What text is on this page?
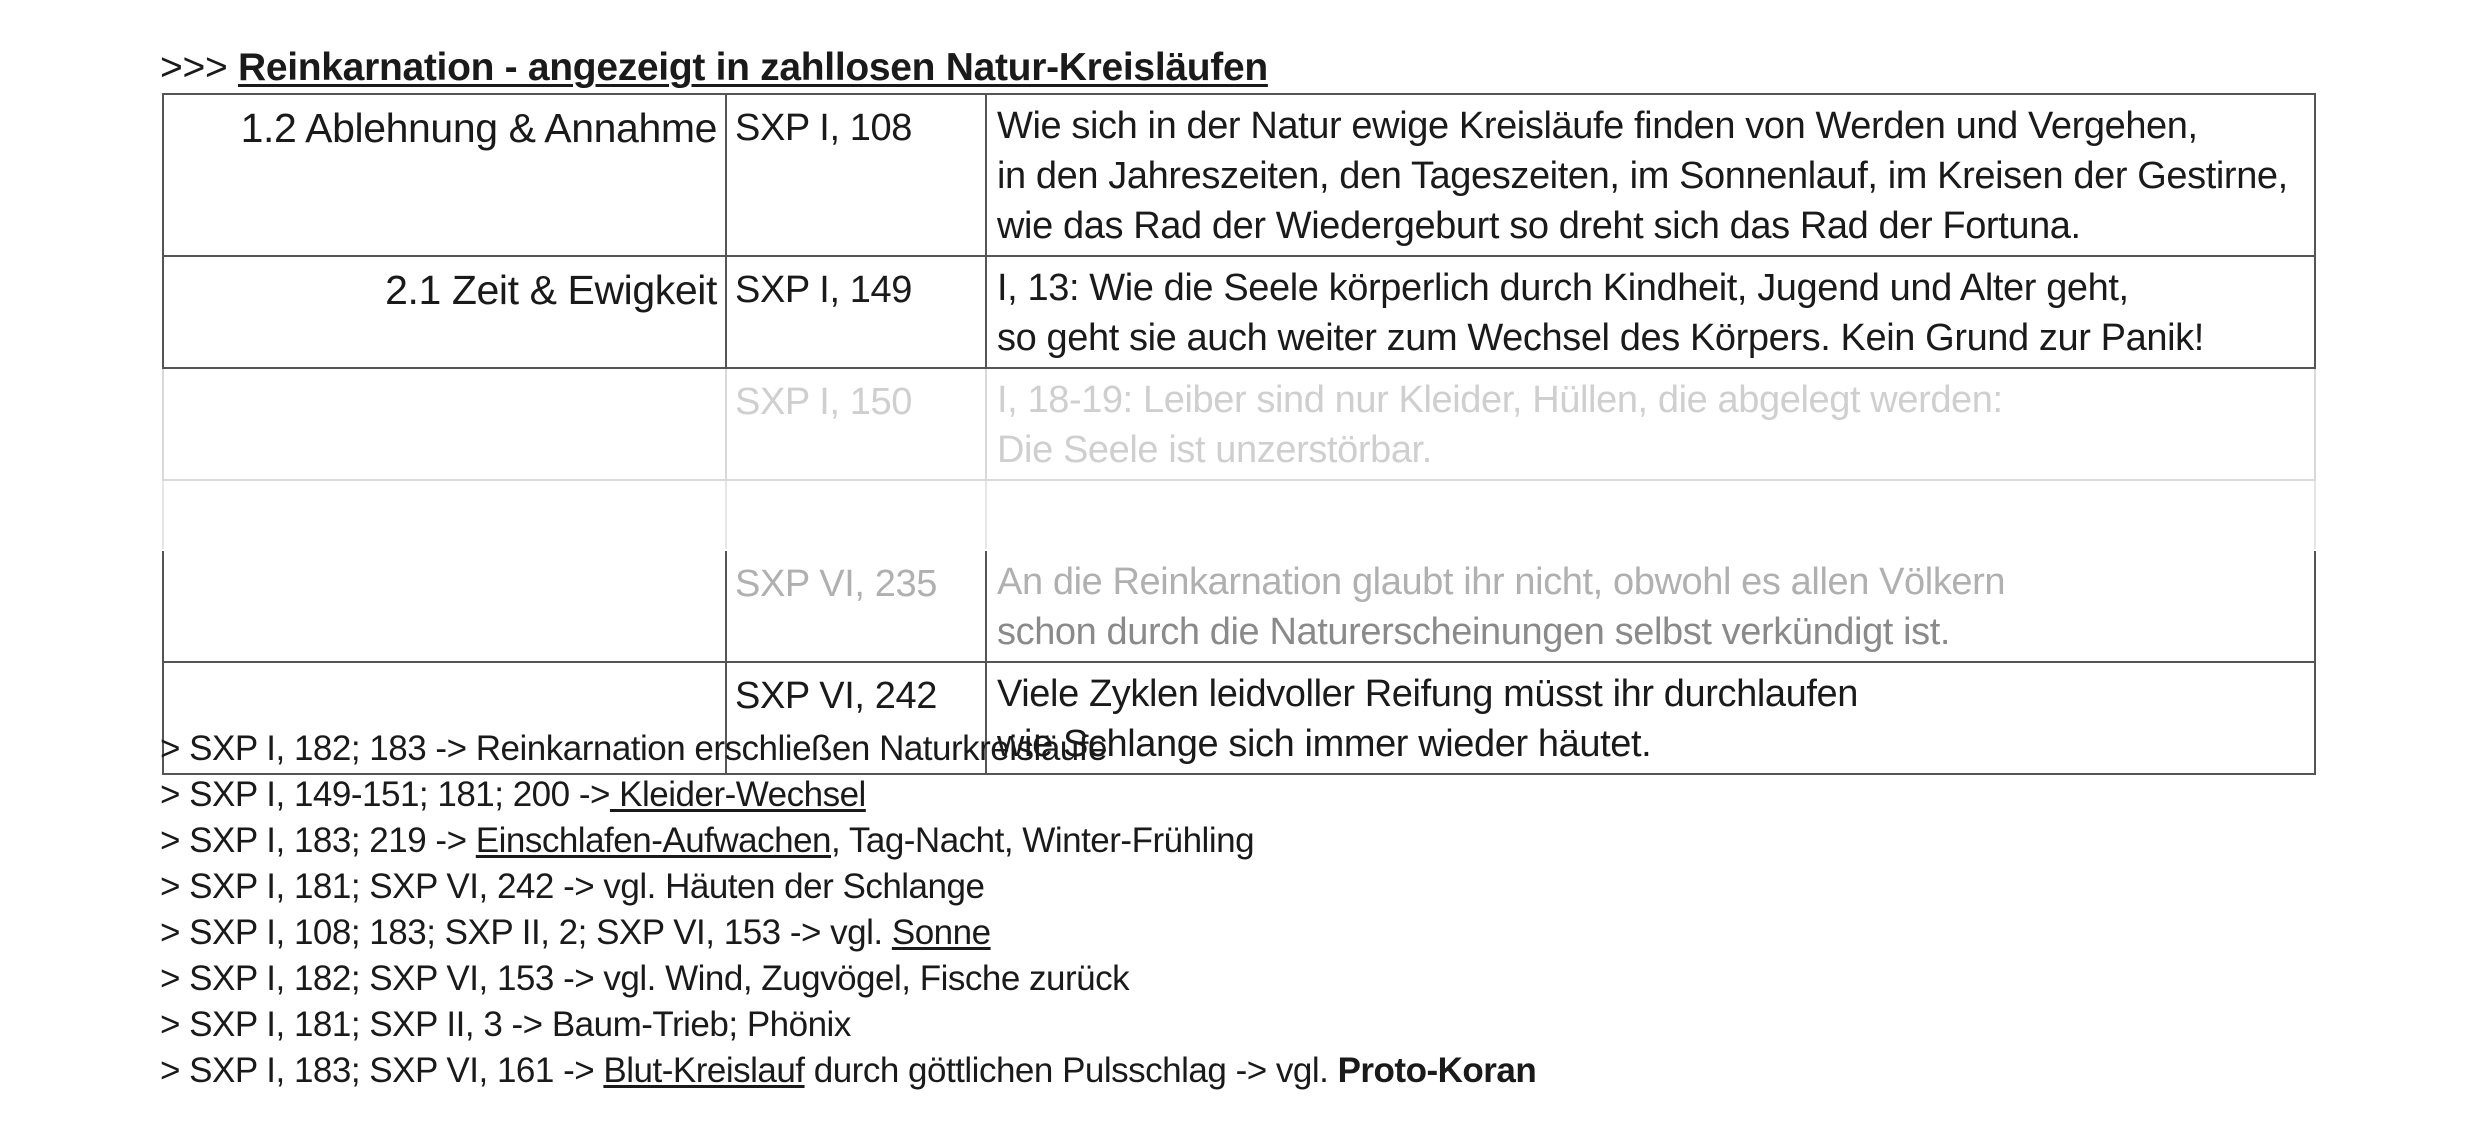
>>> Reinkarnation - angezeigt in zahllosen Natur-Kreisläufen
1.2 Ablehnung & Annahme	SXP I, 108	Wie sich in der Natur ewige Kreisläufe finden von Werden und Vergehen,
in den Jahreszeiten, den Tageszeiten, im Sonnenlauf, im Kreisen der Gestirne,
wie das Rad der Wiedergeburt so dreht sich das Rad der Fortuna.

2.1 Zeit & Ewigkeit	SXP I, 149	I, 13: Wie die Seele körperlich durch Kindheit, Jugend und Alter geht,
so geht sie auch weiter zum Wechsel des Körpers. Kein Grund zur Panik!

	SXP I, 150	I, 18-19: Leiber sind nur Kleider, Hüllen, die abgelegt werden:
Die Seele ist unzerstörbar.

	SXP VI, 235	An die Reinkarnation glaubt ihr nicht, obwohl es allen Völkern
schon durch die Naturerscheinungen selbst verkündigt ist.

	SXP VI, 242	Viele Zyklen leidvoller Reifung müsst ihr durchlaufen
wie Schlange sich immer wieder häutet.
> SXP I, 182; 183 -> Reinkarnation erschließen Naturkreisläufe
> SXP I, 149-151; 181; 200 -> Kleider-Wechsel
> SXP I, 183; 219 -> Einschlafen-Aufwachen, Tag-Nacht, Winter-Frühling
> SXP I, 181; SXP VI, 242 -> vgl. Häuten der Schlange
> SXP I, 108; 183; SXP II, 2; SXP VI, 153 -> vgl. Sonne
> SXP I, 182; SXP VI, 153 -> vgl. Wind, Zugvögel, Fische zurück
> SXP I, 181; SXP II, 3 -> Baum-Trieb; Phönix
> SXP I, 183; SXP VI, 161 -> Blut-Kreislauf durch göttlichen Pulsschlag -> vgl. Proto-Koran
